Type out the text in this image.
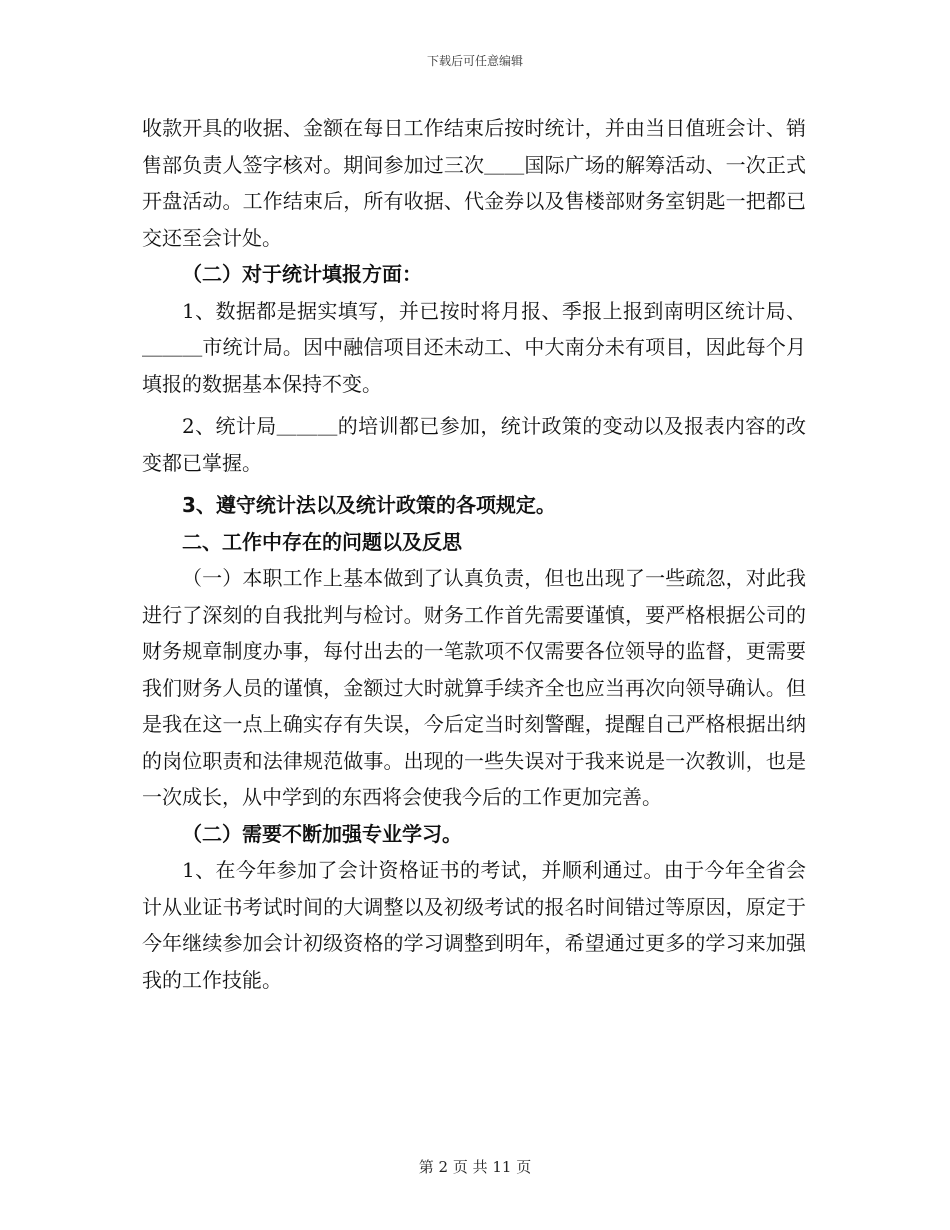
下载后可任意编辑

收款开具的收据、金额在每日工作结束后按时统计，并由当日值班会计、销售部负责人签字核对。期间参加过三次＿＿国际广场的解筹活动、一次正式开盘活动。工作结束后，所有收据、代金券以及售楼部财务室钥匙一把都已交还至会计处。

（二）对于统计填报方面：

1、数据都是据实填写，并已按时将月报、季报上报到南明区统计局、＿＿＿市统计局。因中融信项目还未动工、中大南分未有项目，因此每个月填报的数据基本保持不变。

2、统计局＿＿＿的培训都已参加，统计政策的变动以及报表内容的改变都已掌握。

3、遵守统计法以及统计政策的各项规定。

二、工作中存在的问题以及反思

（一）本职工作上基本做到了认真负责，但也出现了一些疏忽，对此我进行了深刻的自我批判与检讨。财务工作首先需要谨慎，要严格根据公司的财务规章制度办事，每付出去的一笔款项不仅需要各位领导的监督，更需要我们财务人员的谨慎，金额过大时就算手续齐全也应当再次向领导确认。但是我在这一点上确实存有失误，今后定当时刻警醒，提醒自己严格根据出纳的岗位职责和法律规范做事。出现的一些失误对于我来说是一次教训，也是一次成长，从中学到的东西将会使我今后的工作更加完善。

（二）需要不断加强专业学习。

1、在今年参加了会计资格证书的考试，并顺利通过。由于今年全省会计从业证书考试时间的大调整以及初级考试的报名时间错过等原因，原定于今年继续参加会计初级资格的学习调整到明年，希望通过更多的学习来加强我的工作技能。

第 2 页 共 11 页
